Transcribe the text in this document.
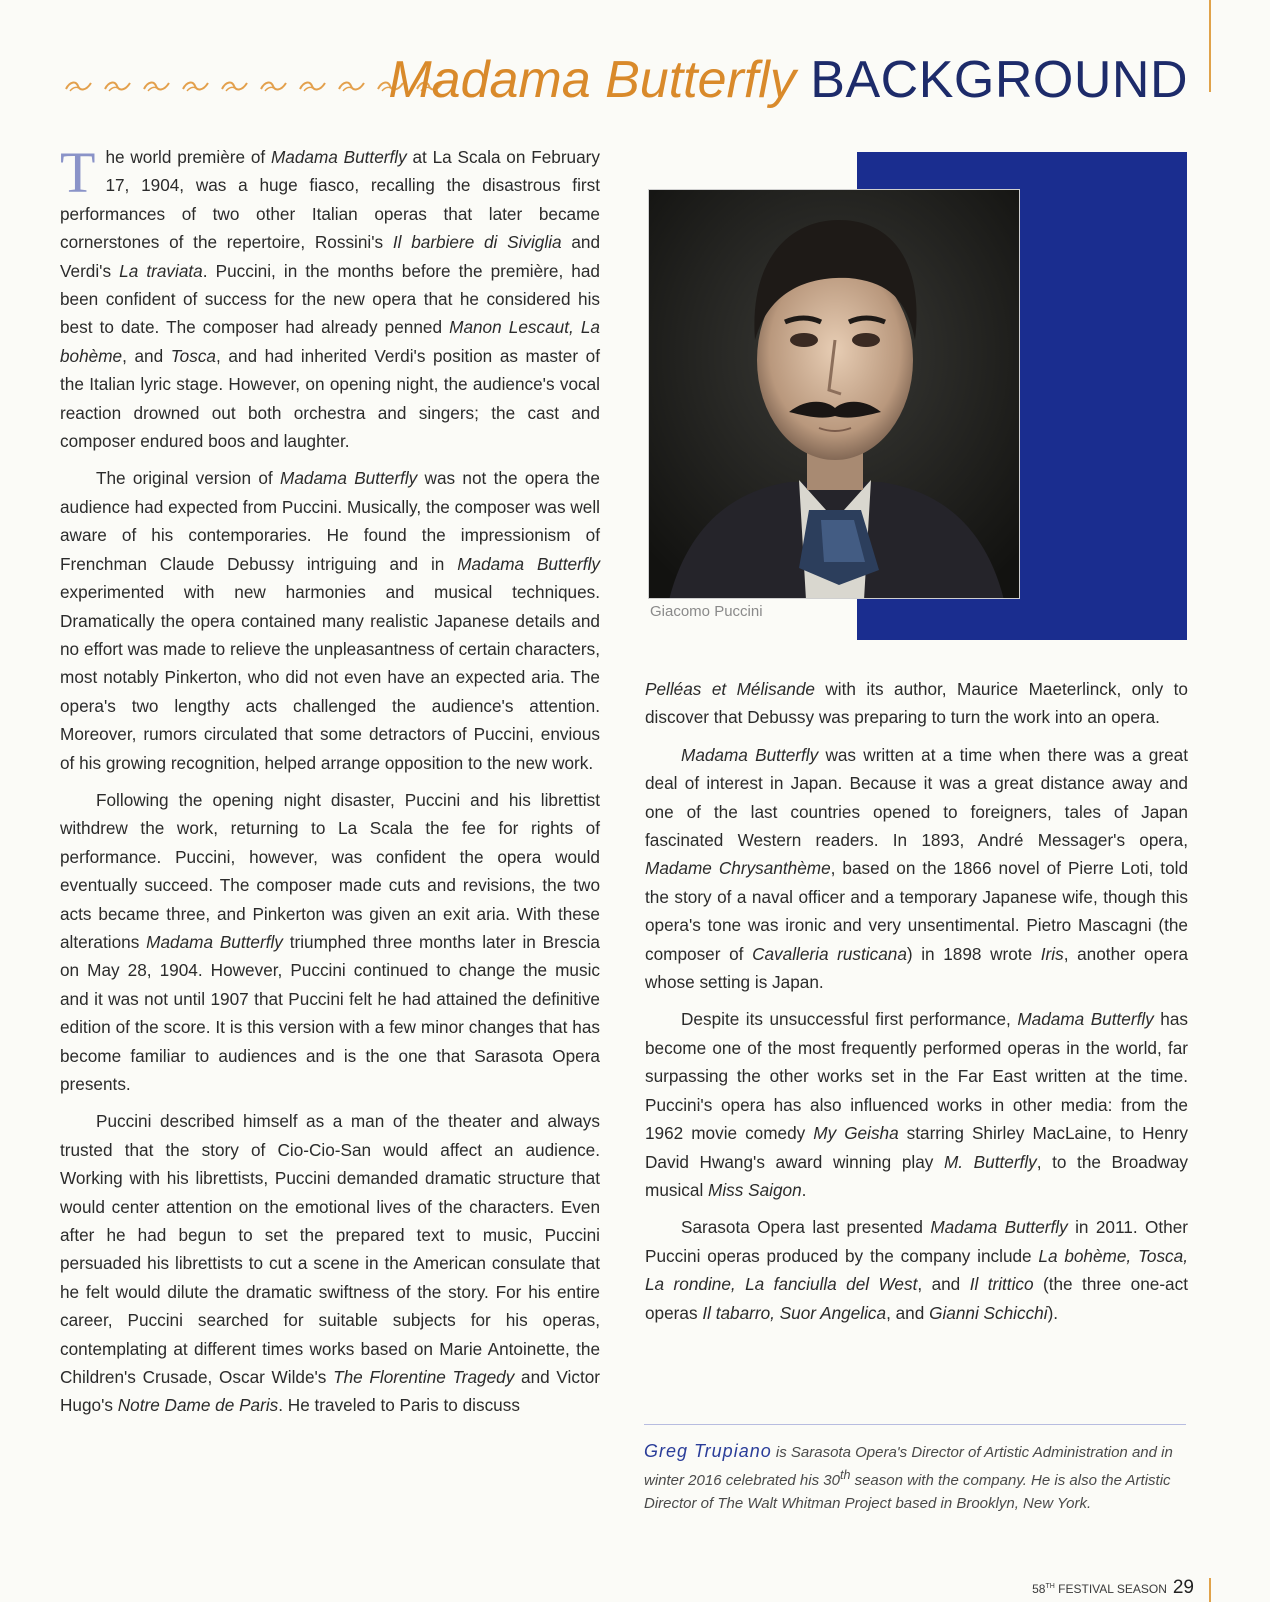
Madama Butterfly BACKGROUND

The world première of Madama Butterfly at La Scala on February 17, 1904, was a huge fiasco, recalling the disastrous first performances of two other Italian operas that later became cornerstones of the repertoire, Rossini's Il barbiere di Siviglia and Verdi's La traviata. Puccini, in the months before the première, had been confident of success for the new opera that he considered his best to date. The composer had already penned Manon Lescaut, La bohème, and Tosca, and had inherited Verdi's position as master of the Italian lyric stage. However, on opening night, the audience's vocal reaction drowned out both orchestra and singers; the cast and composer endured boos and laughter.

The original version of Madama Butterfly was not the opera the audience had expected from Puccini. Musically, the composer was well aware of his contemporaries. He found the impressionism of Frenchman Claude Debussy intriguing and in Madama Butterfly experimented with new harmonies and musical techniques. Dramatically the opera contained many realistic Japanese details and no effort was made to relieve the unpleasantness of certain characters, most notably Pinkerton, who did not even have an expected aria. The opera's two lengthy acts challenged the audience's attention. Moreover, rumors circulated that some detractors of Puccini, envious of his growing recognition, helped arrange opposition to the new work.

Following the opening night disaster, Puccini and his librettist withdrew the work, returning to La Scala the fee for rights of performance. Puccini, however, was confident the opera would eventually succeed. The composer made cuts and revisions, the two acts became three, and Pinkerton was given an exit aria. With these alterations Madama Butterfly triumphed three months later in Brescia on May 28, 1904. However, Puccini continued to change the music and it was not until 1907 that Puccini felt he had attained the definitive edition of the score. It is this version with a few minor changes that has become familiar to audiences and is the one that Sarasota Opera presents.

Puccini described himself as a man of the theater and always trusted that the story of Cio-Cio-San would affect an audience. Working with his librettists, Puccini demanded dramatic structure that would center attention on the emotional lives of the characters. Even after he had begun to set the prepared text to music, Puccini persuaded his librettists to cut a scene in the American consulate that he felt would dilute the dramatic swiftness of the story. For his entire career, Puccini searched for suitable subjects for his operas, contemplating at different times works based on Marie Antoinette, the Children's Crusade, Oscar Wilde's The Florentine Tragedy and Victor Hugo's Notre Dame de Paris. He traveled to Paris to discuss

Giacomo Puccini

Pelléas et Mélisande with its author, Maurice Maeterlinck, only to discover that Debussy was preparing to turn the work into an opera.

Madama Butterfly was written at a time when there was a great deal of interest in Japan. Because it was a great distance away and one of the last countries opened to foreigners, tales of Japan fascinated Western readers. In 1893, André Messager's opera, Madame Chrysanthème, based on the 1866 novel of Pierre Loti, told the story of a naval officer and a temporary Japanese wife, though this opera's tone was ironic and very unsentimental. Pietro Mascagni (the composer of Cavalleria rusticana) in 1898 wrote Iris, another opera whose setting is Japan.

Despite its unsuccessful first performance, Madama Butterfly has become one of the most frequently performed operas in the world, far surpassing the other works set in the Far East written at the time. Puccini's opera has also influenced works in other media: from the 1962 movie comedy My Geisha starring Shirley MacLaine, to Henry David Hwang's award winning play M. Butterfly, to the Broadway musical Miss Saigon.

Sarasota Opera last presented Madama Butterfly in 2011. Other Puccini operas produced by the company include La bohème, Tosca, La rondine, La fanciulla del West, and Il trittico (the three one-act operas Il tabarro, Suor Angelica, and Gianni Schicchi).

Greg Trupiano is Sarasota Opera's Director of Artistic Administration and in winter 2016 celebrated his 30th season with the company. He is also the Artistic Director of The Walt Whitman Project based in Brooklyn, New York.
58TH FESTIVAL SEASON 29
